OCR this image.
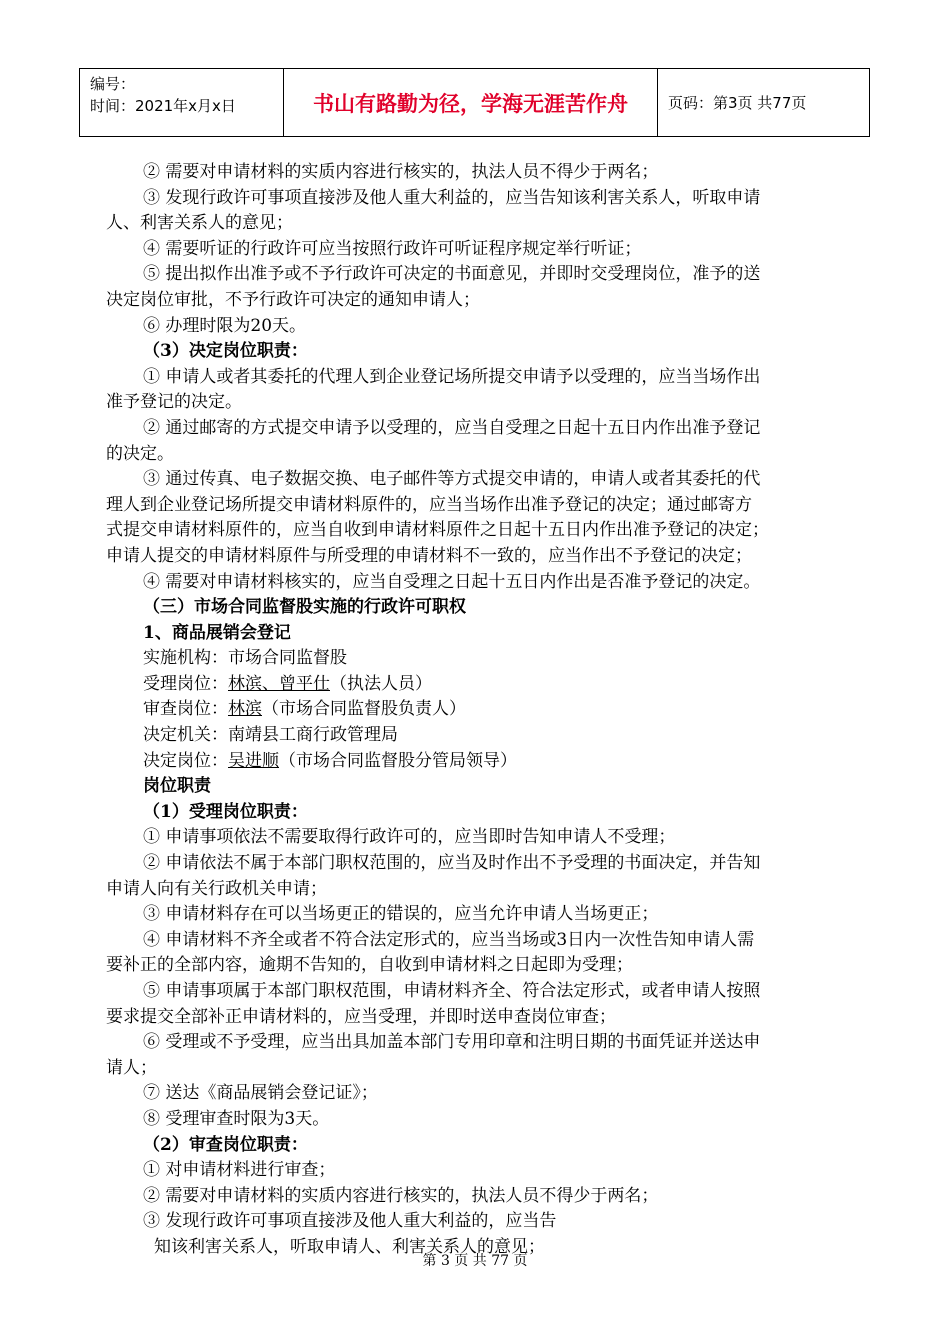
编号：
时间：2021年x月x日	书山有路勤为径，学海无涯苦作舟	页码：第3页 共77页
② 需要对申请材料的实质内容进行核实的，执法人员不得少于两名；
③ 发现行政许可事项直接涉及他人重大利益的，应当告知该利害关系人，听取申请
人、利害关系人的意见；
④ 需要听证的行政许可应当按照行政许可听证程序规定举行听证；
⑤ 提出拟作出准予或不予行政许可决定的书面意见，并即时交受理岗位，准予的送
决定岗位审批，不予行政许可决定的通知申请人；
⑥ 办理时限为20天。
（3）决定岗位职责：
① 申请人或者其委托的代理人到企业登记场所提交申请予以受理的，应当当场作出
准予登记的决定。
② 通过邮寄的方式提交申请予以受理的，应当自受理之日起十五日内作出准予登记
的决定。
③ 通过传真、电子数据交换、电子邮件等方式提交申请的，申请人或者其委托的代
理人到企业登记场所提交申请材料原件的，应当当场作出准予登记的决定；通过邮寄方
式提交申请材料原件的，应当自收到申请材料原件之日起十五日内作出准予登记的决定；
申请人提交的申请材料原件与所受理的申请材料不一致的，应当作出不予登记的决定；
④ 需要对申请材料核实的，应当自受理之日起十五日内作出是否准予登记的决定。
（三）市场合同监督股实施的行政许可职权
1、商品展销会登记
实施机构：市场合同监督股
受理岗位：林滨、曾平仕（执法人员）
审查岗位：林滨（市场合同监督股负责人）
决定机关：南靖县工商行政管理局
决定岗位：吴进顺（市场合同监督股分管局领导）
岗位职责
（1）受理岗位职责：
① 申请事项依法不需要取得行政许可的，应当即时告知申请人不受理；
② 申请依法不属于本部门职权范围的，应当及时作出不予受理的书面决定，并告知
申请人向有关行政机关申请；
③ 申请材料存在可以当场更正的错误的，应当允许申请人当场更正；
④ 申请材料不齐全或者不符合法定形式的，应当当场或3日内一次性告知申请人需
要补正的全部内容，逾期不告知的，自收到申请材料之日起即为受理；
⑤ 申请事项属于本部门职权范围，申请材料齐全、符合法定形式，或者申请人按照
要求提交全部补正申请材料的，应当受理，并即时送申查岗位审查；
⑥ 受理或不予受理，应当出具加盖本部门专用印章和注明日期的书面凭证并送达申
请人；
⑦ 送达《商品展销会登记证》；
⑧ 受理审查时限为3天。
（2）审查岗位职责：
① 对申请材料进行审查；
② 需要对申请材料的实质内容进行核实的，执法人员不得少于两名；
③ 发现行政许可事项直接涉及他人重大利益的，应当告
知该利害关系人，听取申请人、利害关系人的意见；
第 3 页 共 77 页
